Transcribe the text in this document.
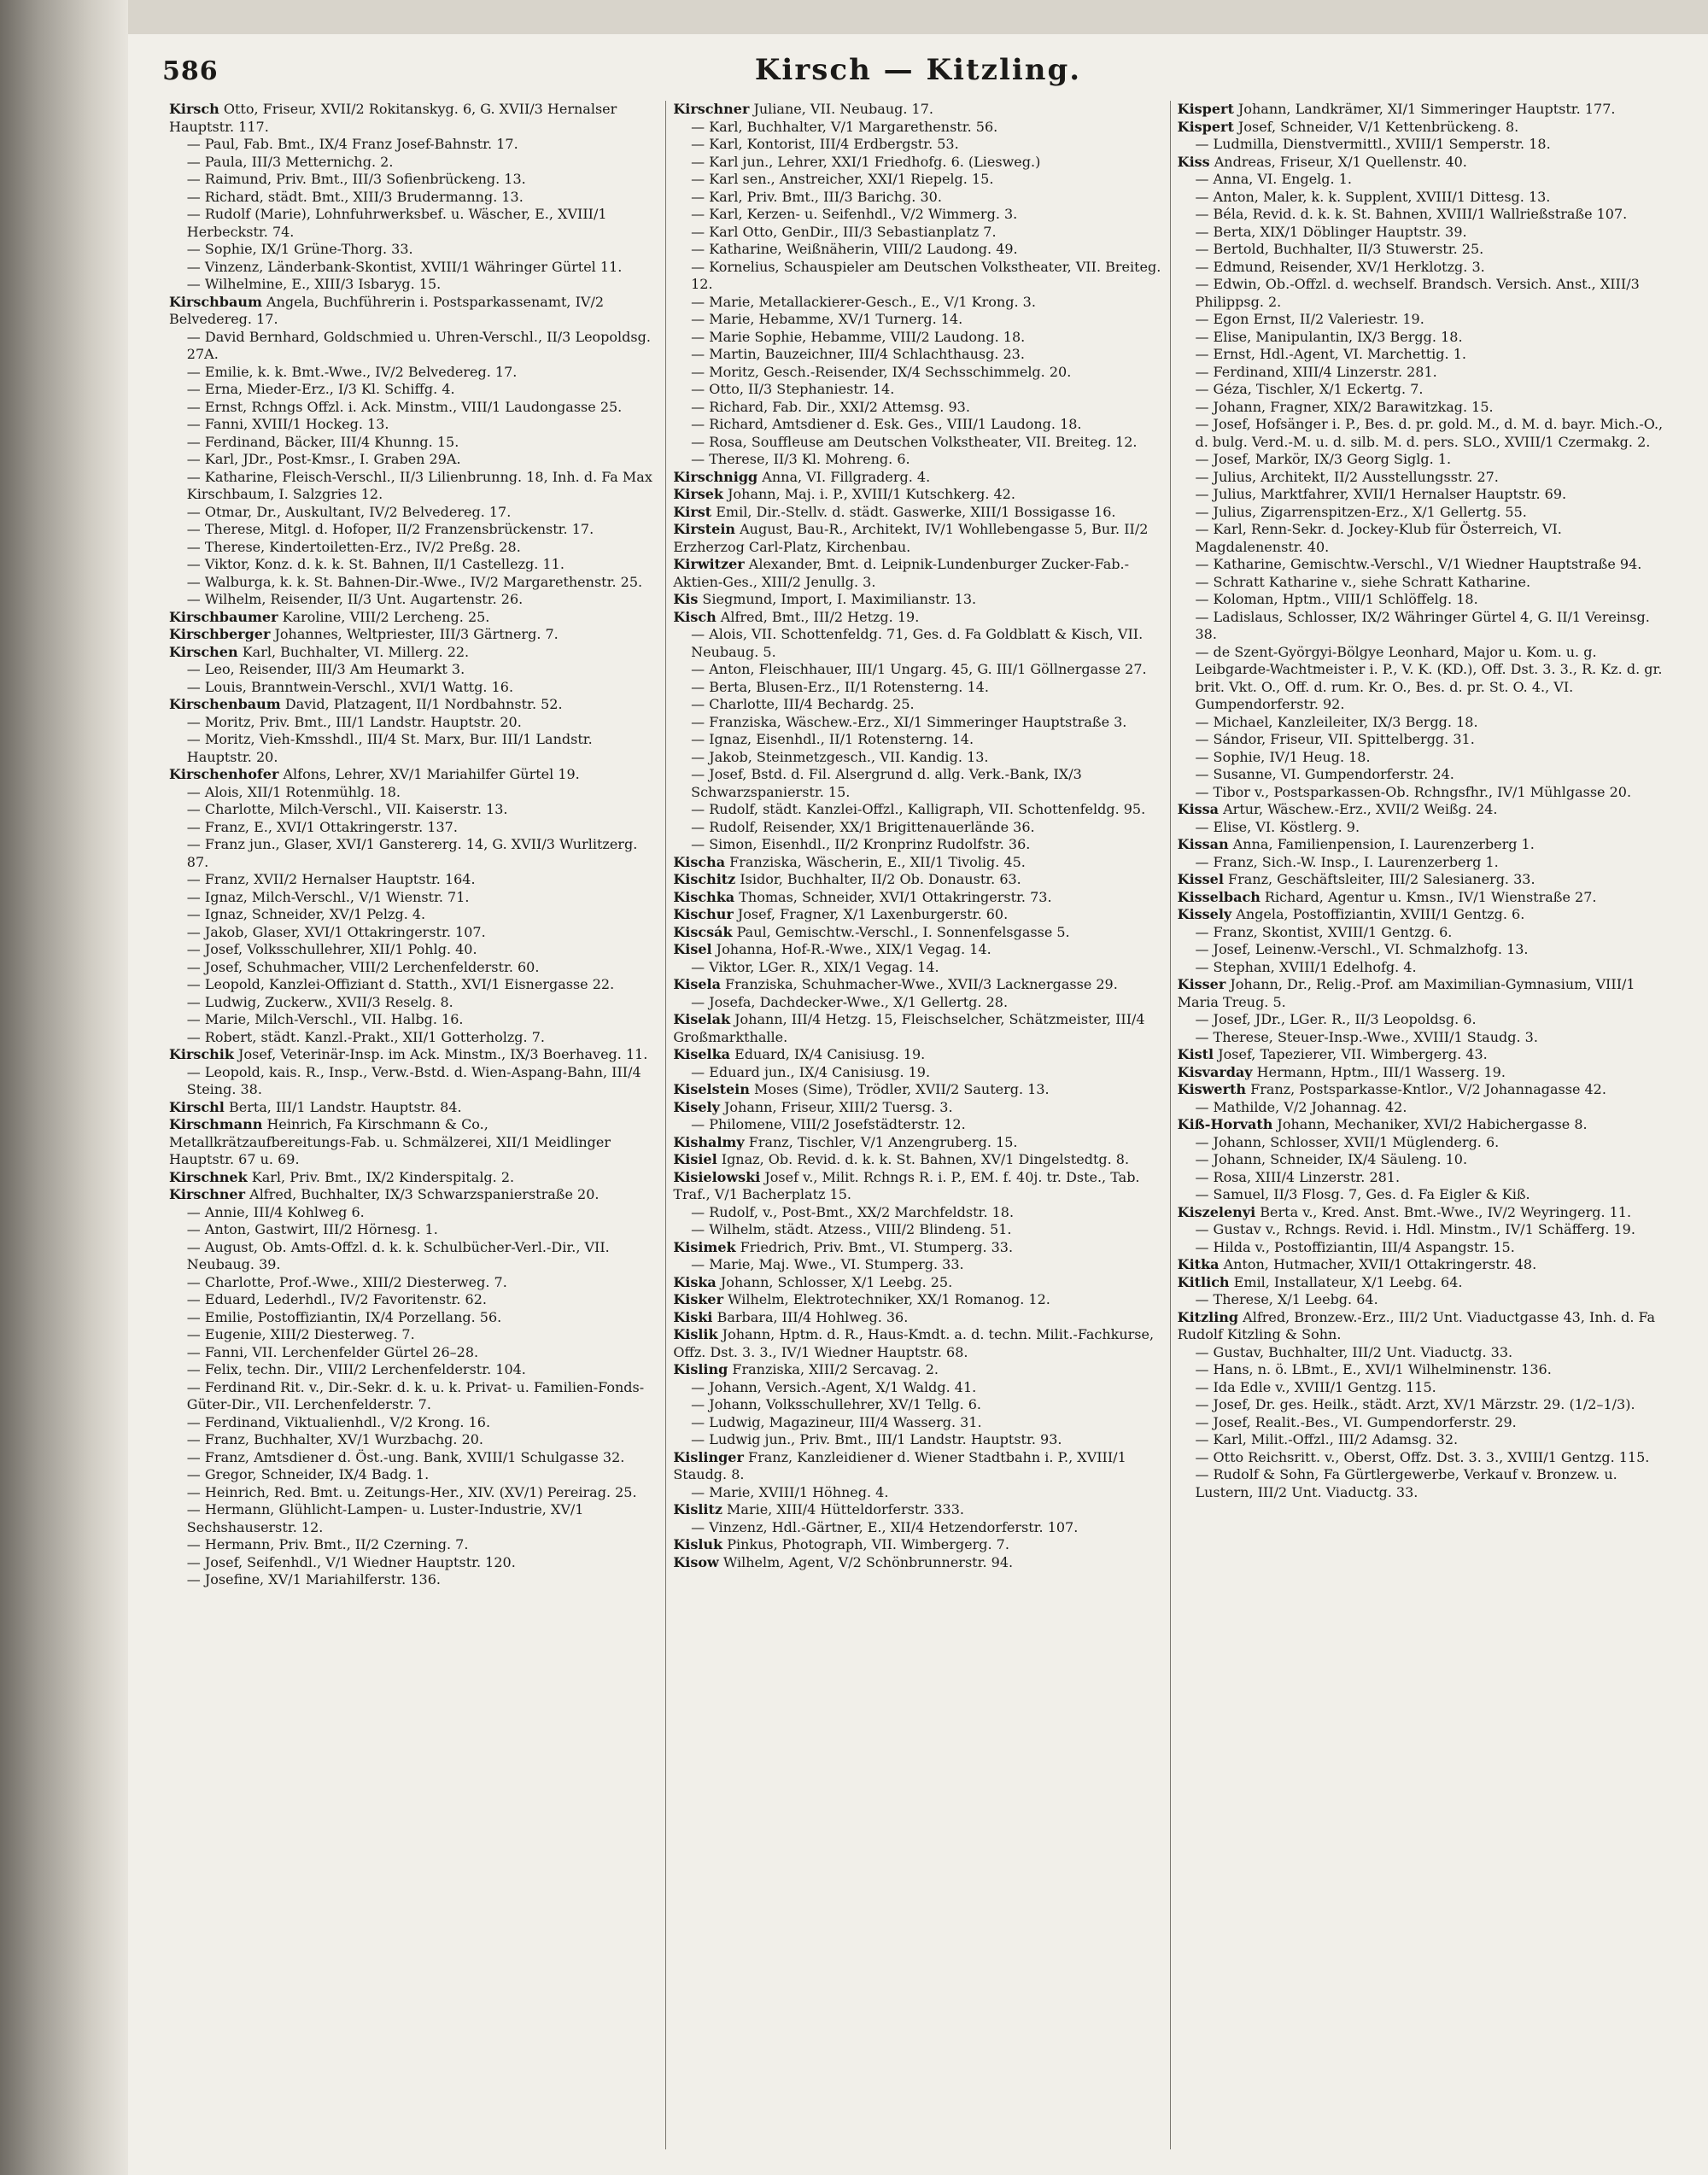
586	Kirsch — Kitzling.
Kirsch Otto, Friseur, XVII/2 Rokitanskyg. 6, G. XVII/3 Hernalser Hauptstr. 117.
— Paul, Fab. Bmt., IX/4 Franz Josef-Bahnstr. 17.
— Paula, III/3 Metternichg. 2.
— Raimund, Priv. Bmt., III/3 Sofienbrückeng. 13.
— Richard, städt. Bmt., XIII/3 Brudermanng. 13.
— Rudolf (Marie), Lohnfuhrwerksbef. u. Wäscher, E., XVIII/1 Herbeckstr. 74.
— Sophie, IX/1 Grüne-Thorg. 33.
— Vinzenz, Länderbank-Skontist, XVIII/1 Währinger Gürtel 11.
— Wilhelmine, E., XIII/3 Isbaryg. 15.
Kirschbaum Angela, Buchführerin i. Postsparkassenamt, IV/2 Belvedereg. 17.
— David Bernhard, Goldschmied u. Uhren-Verschl., II/3 Leopoldsg. 27A.
— Emilie, k. k. Bmt.-Wwe., IV/2 Belvedereg. 17.
— Erna, Mieder-Erz., I/3 Kl. Schiffg. 4.
— Ernst, Rchngs Offzl. i. Ack. Minstm., VIII/1 Laudongasse 25.
— Fanni, XVIII/1 Hockeg. 13.
— Ferdinand, Bäcker, III/4 Khunng. 15.
— Karl, JDr., Post-Kmsr., I. Graben 29A.
— Katharine, Fleisch-Verschl., II/3 Lilienbrunng. 18, Inh. d. Fa Max Kirschbaum, I. Salzgries 12.
— Otmar, Dr., Auskultant, IV/2 Belvedereg. 17.
— Therese, Mitgl. d. Hofoper, II/2 Franzensbrückenstr. 17.
— Therese, Kindertoiletten-Erz., IV/2 Preßg. 28.
— Viktor, Konz. d. k. k. St. Bahnen, II/1 Castellezg. 11.
— Walburga, k. k. St. Bahnen-Dir.-Wwe., IV/2 Margarethenstr. 25.
— Wilhelm, Reisender, II/3 Unt. Augartenstr. 26.
Kirschbaumer Karoline, VIII/2 Lercheng. 25.
Kirschberger Johannes, Weltpriester, III/3 Gärtnerg. 7.
Kirschen Karl, Buchhalter, VI. Millerg. 22.
— Leo, Reisender, III/3 Am Heumarkt 3.
— Louis, Branntwein-Verschl., XVI/1 Wattg. 16.
Kirschenbaum David, Platzagent, II/1 Nordbahnstr. 52.
— Moritz, Priv. Bmt., III/1 Landstr. Hauptstr. 20.
— Moritz, Vieh-Kmsshdl., III/4 St. Marx, Bur. III/1 Landstr. Hauptstr. 20.
Kirschenhofer Alfons, Lehrer, XV/1 Mariahilfer Gürtel 19.
— Alois, XII/1 Rotenmühlg. 18.
— Charlotte, Milch-Verschl., VII. Kaiserstr. 13.
— Franz, E., XVI/1 Ottakringerstr. 137.
— Franz jun., Glaser, XVI/1 Ganstererg. 14, G. XVII/3 Wurlitzerg. 87.
— Franz, XVII/2 Hernalser Hauptstr. 164.
— Ignaz, Milch-Verschl., V/1 Wienstr. 71.
— Ignaz, Schneider, XV/1 Pelzg. 4.
— Jakob, Glaser, XVI/1 Ottakringerstr. 107.
— Josef, Volksschullehrer, XII/1 Pohlg. 40.
— Josef, Schuhmacher, VIII/2 Lerchenfelderstr. 60.
— Leopold, Kanzlei-Offiziant d. Statth., XVI/1 Eisnergasse 22.
— Ludwig, Zuckerw., XVII/3 Reselg. 8.
— Marie, Milch-Verschl., VII. Halbg. 16.
— Robert, städt. Kanzl.-Prakt., XII/1 Gotterholzg. 7.
Kirschik Josef, Veterinär-Insp. im Ack. Minstm., IX/3 Boerhaveg. 11.
— Leopold, kais. R., Insp., Verw.-Bstd. d. Wien-Aspang-Bahn, III/4 Steing. 38.
Kirschl Berta, III/1 Landstr. Hauptstr. 84.
Kirschmann Heinrich, Fa Kirschmann & Co., Metallkrätzaufbereitungs-Fab. u. Schmälzerei, XII/1 Meidlinger Hauptstr. 67 u. 69.
Kirschnek Karl, Priv. Bmt., IX/2 Kinderspitalg. 2.
Kirschner Alfred, Buchhalter, IX/3 Schwarzspanierstraße 20.
— Annie, III/4 Kohlweg 6.
— Anton, Gastwirt, III/2 Hörnesg. 1.
— August, Ob. Amts-Offzl. d. k. k. Schulbücher-Verl.-Dir., VII. Neubaug. 39.
— Charlotte, Prof.-Wwe., XIII/2 Diesterweg. 7.
— Eduard, Lederhdl., IV/2 Favoritenstr. 62.
— Emilie, Postoffiziantin, IX/4 Porzellang. 56.
— Eugenie, XIII/2 Diesterweg. 7.
— Fanni, VII. Lerchenfelder Gürtel 26–28.
— Felix, techn. Dir., VIII/2 Lerchenfelderstr. 104.
— Ferdinand Rit. v., Dir.-Sekr. d. k. u. k. Privat- u. Familien-Fonds-Güter-Dir., VII. Lerchenfelderstr. 7.
— Ferdinand, Viktualienhdl., V/2 Krong. 16.
— Franz, Buchhalter, XV/1 Wurzbachg. 20.
— Franz, Amtsdiener d. Öst.-ung. Bank, XVIII/1 Schulgasse 32.
— Gregor, Schneider, IX/4 Badg. 1.
— Heinrich, Red. Bmt. u. Zeitungs-Her., XIV. (XV/1) Pereirag. 25.
— Hermann, Glühlicht-Lampen- u. Luster-Industrie, XV/1 Sechshauserstr. 12.
— Hermann, Priv. Bmt., II/2 Czerning. 7.
— Josef, Seifenhdl., V/1 Wiedner Hauptstr. 120.
— Josefine, XV/1 Mariahilferstr. 136.
Kirschner Juliane, VII. Neubaug. 17.
— Karl, Buchhalter, V/1 Margarethenstr. 56.
— Karl, Kontorist, III/4 Erdbergstr. 53.
— Karl jun., Lehrer, XXI/1 Friedhofg. 6. (Liesweg.)
— Karl sen., Anstreicher, XXI/1 Riepelg. 15.
— Karl, Priv. Bmt., III/3 Barichg. 30.
— Karl, Kerzen- u. Seifenhdl., V/2 Wimmerg. 3.
— Karl Otto, GenDir., III/3 Sebastianplatz 7.
— Katharine, Weißnäherin, VIII/2 Laudong. 49.
— Kornelius, Schauspieler am Deutschen Volkstheater, VII. Breiteg. 12.
— Marie, Metallackierer-Gesch., E., V/1 Krong. 3.
— Marie, Hebamme, XV/1 Turnerg. 14.
— Marie Sophie, Hebamme, VIII/2 Laudong. 18.
— Martin, Bauzeichner, III/4 Schlachthausg. 23.
— Moritz, Gesch.-Reisender, IX/4 Sechsschimmelg. 20.
— Otto, II/3 Stephaniestr. 14.
— Richard, Fab. Dir., XXI/2 Attemsg. 93.
— Richard, Amtsdiener d. Esk. Ges., VIII/1 Laudong. 18.
— Rosa, Souffleuse am Deutschen Volkstheater, VII. Breiteg. 12.
— Therese, II/3 Kl. Mohreng. 6.
Kirschnigg Anna, VI. Fillgraderg. 4.
Kirsek Johann, Maj. i. P., XVIII/1 Kutschkerg. 42.
Kirst Emil, Dir.-Stellv. d. städt. Gaswerke, XIII/1 Bossigasse 16.
Kirstein August, Bau-R., Architekt, IV/1 Wohllebengasse 5, Bur. II/2 Erzherzog Carl-Platz, Kirchenbau.
Kirwitzer Alexander, Bmt. d. Leipnik-Lundenburger Zucker-Fab.-Aktien-Ges., XIII/2 Jenullg. 3.
Kis Siegmund, Import, I. Maximilianstr. 13.
Kisch Alfred, Bmt., III/2 Hetzg. 19.
— Alois, VII. Schottenfeldg. 71, Ges. d. Fa Goldblatt & Kisch, VII. Neubaug. 5.
— Anton, Fleischhauer, III/1 Ungarg. 45, G. III/1 Göllnergasse 27.
— Berta, Blusen-Erz., II/1 Rotensterng. 14.
— Charlotte, III/4 Bechardg. 25.
— Franziska, Wäschew.-Erz., XI/1 Simmeringer Hauptstraße 3.
— Ignaz, Eisenhdl., II/1 Rotensterng. 14.
— Jakob, Steinmetzgesch., VII. Kandig. 13.
— Josef, Bstd. d. Fil. Alsergrund d. allg. Verk.-Bank, IX/3 Schwarzspanierstr. 15.
— Rudolf, städt. Kanzlei-Offzl., Kalligraph, VII. Schottenfeldg. 95.
— Rudolf, Reisender, XX/1 Brigittenauerlände 36.
— Simon, Eisenhdl., II/2 Kronprinz Rudolfstr. 36.
Kischa Franziska, Wäscherin, E., XII/1 Tivolig. 45.
Kischitz Isidor, Buchhalter, II/2 Ob. Donaustr. 63.
Kischka Thomas, Schneider, XVI/1 Ottakringerstr. 73.
Kischur Josef, Fragner, X/1 Laxenburgerstr. 60.
Kiscsák Paul, Gemischtw.-Verschl., I. Sonnenfelsgasse 5.
Kisel Johanna, Hof-R.-Wwe., XIX/1 Vegag. 14.
— Viktor, LGer. R., XIX/1 Vegag. 14.
Kisela Franziska, Schuhmacher-Wwe., XVII/3 Lacknergasse 29.
— Josefa, Dachdecker-Wwe., X/1 Gellertg. 28.
Kiselak Johann, III/4 Hetzg. 15, Fleischselcher, Schätzmeister, III/4 Großmarkthalle.
Kiselka Eduard, IX/4 Canisiusg. 19.
— Eduard jun., IX/4 Canisiusg. 19.
Kiselstein Moses (Sime), Trödler, XVII/2 Sauterg. 13.
Kisely Johann, Friseur, XIII/2 Tuersg. 3.
— Philomene, VIII/2 Josefstädterstr. 12.
Kishalmy Franz, Tischler, V/1 Anzengruberg. 15.
Kisiel Ignaz, Ob. Revid. d. k. k. St. Bahnen, XV/1 Dingelstedtg. 8.
Kisielowski Josef v., Milit. Rchngs R. i. P., EM. f. 40j. tr. Dste., Tab. Traf., V/1 Bacherplatz 15.
— Rudolf, v., Post-Bmt., XX/2 Marchfeldstr. 18.
— Wilhelm, städt. Atzess., VIII/2 Blindeng. 51.
Kisimek Friedrich, Priv. Bmt., VI. Stumperg. 33.
— Marie, Maj. Wwe., VI. Stumperg. 33.
Kiska Johann, Schlosser, X/1 Leebg. 25.
Kisker Wilhelm, Elektrotechniker, XX/1 Romanog. 12.
Kiski Barbara, III/4 Hohlweg. 36.
Kislik Johann, Hptm. d. R., Haus-Kmdt. a. d. techn. Milit.-Fachkurse, Offz. Dst. 3. 3., IV/1 Wiedner Hauptstr. 68.
Kisling Franziska, XIII/2 Sercavag. 2.
— Johann, Versich.-Agent, X/1 Waldg. 41.
— Johann, Volksschullehrer, XV/1 Tellg. 6.
— Ludwig, Magazineur, III/4 Wasserg. 31.
— Ludwig jun., Priv. Bmt., III/1 Landstr. Hauptstr. 93.
Kislinger Franz, Kanzleidiener d. Wiener Stadtbahn i. P., XVIII/1 Staudg. 8.
— Marie, XVIII/1 Höhneg. 4.
Kislitz Marie, XIII/4 Hütteldorferstr. 333.
— Vinzenz, Hdl.-Gärtner, E., XII/4 Hetzendorferstr. 107.
Kisluk Pinkus, Photograph, VII. Wimbergerg. 7.
Kisow Wilhelm, Agent, V/2 Schönbrunnerstr. 94.
Kispert Johann, Landkrämer, XI/1 Simmeringer Hauptstr. 177.
Kispert Josef, Schneider, V/1 Kettenbrückeng. 8.
— Ludmilla, Dienstvermittl., XVIII/1 Semperstr. 18.
Kiss Andreas, Friseur, X/1 Quellenstr. 40.
— Anna, VI. Engelg. 1.
— Anton, Maler, k. k. Supplent, XVIII/1 Dittesg. 13.
— Béla, Revid. d. k. k. St. Bahnen, XVIII/1 Wallrießstraße 107.
— Berta, XIX/1 Döblinger Hauptstr. 39.
— Bertold, Buchhalter, II/3 Stuwerstr. 25.
— Edmund, Reisender, XV/1 Herklotzg. 3.
— Edwin, Ob.-Offzl. d. wechself. Brandsch. Versich. Anst., XIII/3 Philippsg. 2.
— Egon Ernst, II/2 Valeriestr. 19.
— Elise, Manipulantin, IX/3 Bergg. 18.
— Ernst, Hdl.-Agent, VI. Marchettig. 1.
— Ferdinand, XIII/4 Linzerstr. 281.
— Géza, Tischler, X/1 Eckertg. 7.
— Johann, Fragner, XIX/2 Barawitzkag. 15.
— Josef, Hofsänger i. P., Bes. d. pr. gold. M., d. M. d. bayr. Mich.-O., d. bulg. Verd.-M. u. d. silb. M. d. pers. SLO., XVIII/1 Czermakg. 2.
— Josef, Markör, IX/3 Georg Siglg. 1.
— Julius, Architekt, II/2 Ausstellungsstr. 27.
— Julius, Marktfahrer, XVII/1 Hernalser Hauptstr. 69.
— Julius, Zigarrenspitzen-Erz., X/1 Gellertg. 55.
— Karl, Renn-Sekr. d. Jockey-Klub für Österreich, VI. Magdalenenstr. 40.
— Katharine, Gemischtw.-Verschl., V/1 Wiedner Hauptstraße 94.
— Schratt Katharine v., siehe Schratt Katharine.
— Koloman, Hptm., VIII/1 Schlöffelg. 18.
— Ladislaus, Schlosser, IX/2 Währinger Gürtel 4, G. II/1 Vereinsg. 38.
— de Szent-Györgyi-Bölgye Leonhard, Major u. Kom. u. g. Leibgarde-Wachtmeister i. P., V. K. (KD.), Off. Dst. 3. 3., R. Kz. d. gr. brit. Vkt. O., Off. d. rum. Kr. O., Bes. d. pr. St. O. 4., VI. Gumpendorferstr. 92.
— Michael, Kanzleileiter, IX/3 Bergg. 18.
— Sándor, Friseur, VII. Spittelbergg. 31.
— Sophie, IV/1 Heug. 18.
— Susanne, VI. Gumpendorferstr. 24.
— Tibor v., Postsparkassen-Ob. Rchngsfhr., IV/1 Mühlgasse 20.
Kissa Artur, Wäschew.-Erz., XVII/2 Weißg. 24.
— Elise, VI. Köstlerg. 9.
Kissan Anna, Familienpension, I. Laurenzerberg 1.
— Franz, Sich.-W. Insp., I. Laurenzerberg 1.
Kissel Franz, Geschäftsleiter, III/2 Salesianerg. 33.
Kisselbach Richard, Agentur u. Kmsn., IV/1 Wienstraße 27.
Kissely Angela, Postoffiziantin, XVIII/1 Gentzg. 6.
— Franz, Skontist, XVIII/1 Gentzg. 6.
— Josef, Leinenw.-Verschl., VI. Schmalzhofg. 13.
— Stephan, XVIII/1 Edelhofg. 4.
Kisser Johann, Dr., Relig.-Prof. am Maximilian-Gymnasium, VIII/1 Maria Treug. 5.
— Josef, JDr., LGer. R., II/3 Leopoldsg. 6.
— Therese, Steuer-Insp.-Wwe., XVIII/1 Staudg. 3.
Kistl Josef, Tapezierer, VII. Wimbergerg. 43.
Kisvarday Hermann, Hptm., III/1 Wasserg. 19.
Kiswerth Franz, Postsparkasse-Kntlor., V/2 Johannagasse 42.
— Mathilde, V/2 Johannag. 42.
Kiß-Horvath Johann, Mechaniker, XVI/2 Habichergasse 8.
— Johann, Schlosser, XVII/1 Müglenderg. 6.
— Johann, Schneider, IX/4 Säuleng. 10.
— Rosa, XIII/4 Linzerstr. 281.
— Samuel, II/3 Flosg. 7, Ges. d. Fa Eigler & Kiß.
Kiszelenyi Berta v., Kred. Anst. Bmt.-Wwe., IV/2 Weyringerg. 11.
— Gustav v., Rchngs. Revid. i. Hdl. Minstm., IV/1 Schäfferg. 19.
— Hilda v., Postoffiziantin, III/4 Aspangstr. 15.
Kitka Anton, Hutmacher, XVII/1 Ottakringerstr. 48.
Kitlich Emil, Installateur, X/1 Leebg. 64.
— Therese, X/1 Leebg. 64.
Kitzling Alfred, Bronzew.-Erz., III/2 Unt. Viaductgasse 43, Inh. d. Fa Rudolf Kitzling & Sohn.
— Gustav, Buchhalter, III/2 Unt. Viaductg. 33.
— Hans, n. ö. LBmt., E., XVI/1 Wilhelminenstr. 136.
— Ida Edle v., XVIII/1 Gentzg. 115.
— Josef, Dr. ges. Heilk., städt. Arzt, XV/1 Märzstr. 29. (1/2–1/3).
— Josef, Realit.-Bes., VI. Gumpendorferstr. 29.
— Karl, Milit.-Offzl., III/2 Adamsg. 32.
— Otto Reichsritt. v., Oberst, Offz. Dst. 3. 3., XVIII/1 Gentzg. 115.
— Rudolf & Sohn, Fa Gürtlergewerbe, Verkauf v. Bronzew. u. Lustern, III/2 Unt. Viaductg. 33.
